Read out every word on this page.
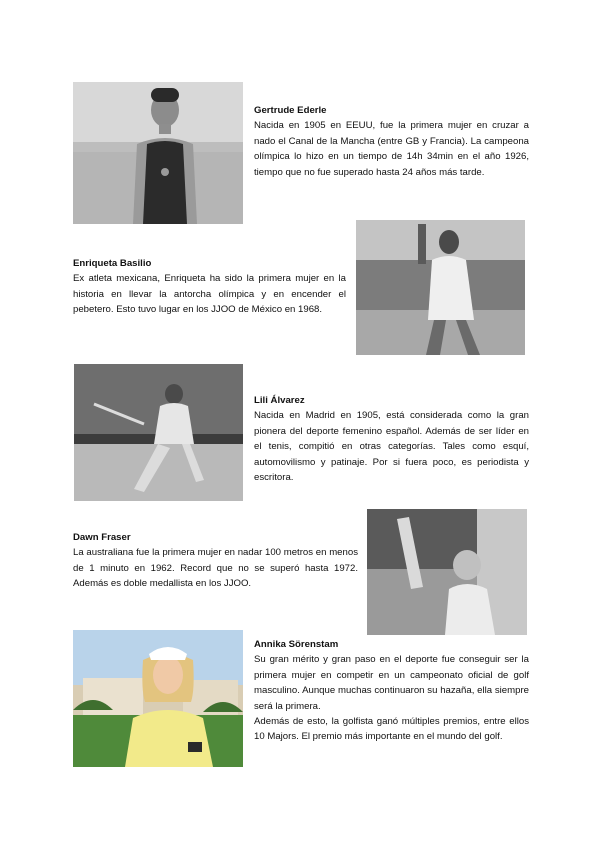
Gertrude Ederle
Nacida en 1905 en EEUU, fue la primera mujer en cruzar a nado el Canal de la Mancha (entre GB y Francia). La campeona olímpica lo hizo en un tiempo de 14h 34min en el año 1926, tiempo que no fue superado hasta 24 años más tarde.
Enriqueta Basilio
Ex atleta mexicana, Enriqueta ha sido la primera mujer en la historia en llevar la antorcha olímpica y en encender el pebetero. Esto tuvo lugar en los JJOO de México en 1968.
Lili Álvarez
Nacida en Madrid en 1905, está considerada como la gran pionera del deporte femenino español. Además de ser líder en el tenis, compitió en otras categorías. Tales como esquí, automovilismo y patinaje. Por si fuera poco, es periodista y escritora.
Dawn Fraser
La australiana fue la primera mujer en nadar 100 metros en menos de 1 minuto en 1962. Record que no se superó hasta 1972. Además es doble medallista en los JJOO.
Annika Sörenstam
Su gran mérito y gran paso en el deporte fue conseguir ser la primera mujer en competir en un campeonato oficial de golf masculino. Aunque muchas continuaron su hazaña, ella siempre será la primera.
Además de esto, la golfista ganó múltiples premios, entre ellos 10 Majors. El premio más importante en el mundo del golf.
